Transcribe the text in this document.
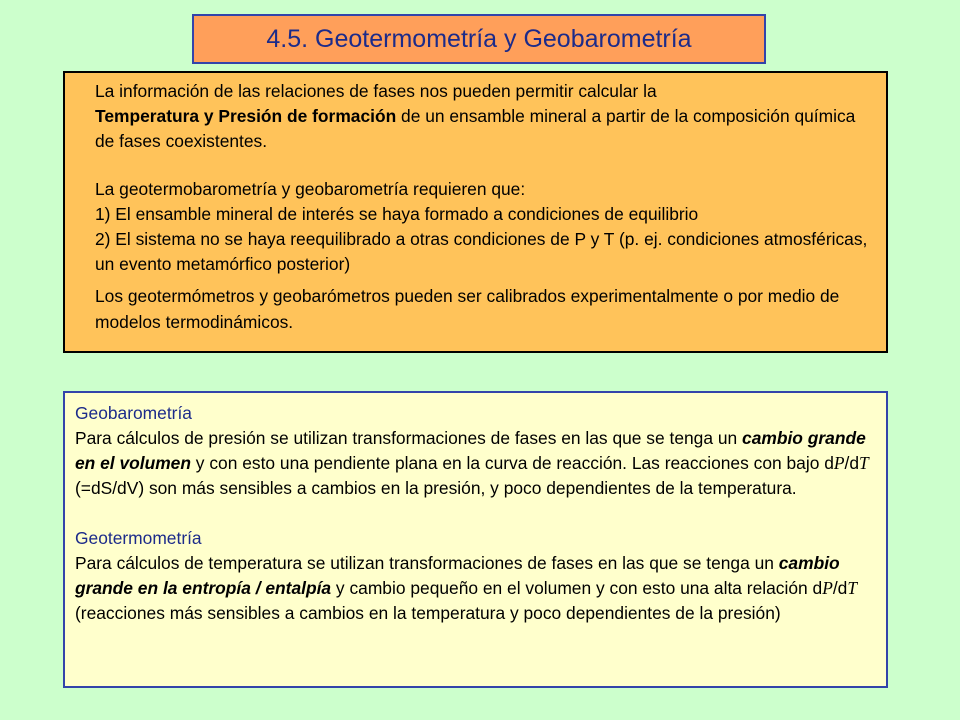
4.5. Geotermometría y Geobarometría

La información de las relaciones de fases nos pueden permitir calcular la
Temperatura y Presión de formación de un ensamble mineral a partir de la composición química de fases coexistentes.

La geotermobarometría y geobarometría requieren que:

1) El ensamble mineral de interés se haya formado a condiciones de equilibrio

2) El sistema no se haya reequilibrado a otras condiciones de P y T (p. ej. condiciones atmosféricas, un evento metamórfico posterior)

Los geotermómetros y geobarómetros pueden ser calibrados experimentalmente o por medio de modelos termodinámicos.

Geobarometría

Para cálculos de presión se utilizan transformaciones de fases en las que se tenga un cambio grande en el volumen y con esto una pendiente plana en la curva de reacción. Las reacciones con bajo dP/dT (=dS/dV) son más sensibles a cambios en la presión, y poco dependientes de la temperatura.

Geotermometría

Para cálculos de temperatura se utilizan transformaciones de fases en las que se tenga un cambio grande en la entropía / entalpía y cambio pequeño en el volumen y con esto una alta relación dP/dT (reacciones más sensibles a cambios en la temperatura y poco dependientes de la presión)
